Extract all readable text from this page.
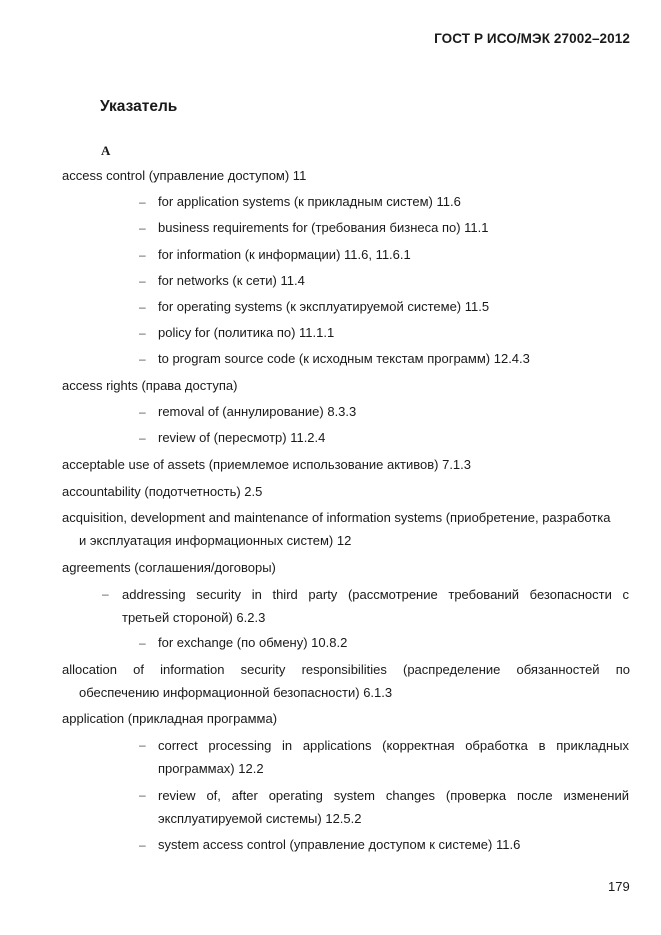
ГОСТ Р ИСО/МЭК 27002–2012
Указатель
A
access control (управление доступом) 11
– for application systems (к прикладным систем) 11.6
– business requirements for (требования бизнеса по) 11.1
– for information (к информации) 11.6, 11.6.1
– for networks (к сети) 11.4
– for operating systems (к эксплуатируемой системе) 11.5
– policy for (политика по) 11.1.1
– to program source code (к исходным текстам программ) 12.4.3
access rights (права доступа)
– removal of (аннулирование) 8.3.3
– review of (пересмотр) 11.2.4
acceptable use of assets (приемлемое использование активов) 7.1.3
accountability (подотчетность) 2.5
acquisition, development and maintenance of information systems (приобретение, разработка
и эксплуатация информационных систем) 12
agreements (соглашения/договоры)
– addressing security in third party (рассмотрение требований безопасности с
третьей стороной) 6.2.3
– for exchange (по обмену) 10.8.2
allocation of information security responsibilities (распределение обязанностей по
обеспечению информационной безопасности) 6.1.3
application (прикладная программа)
– correct processing in applications (корректная обработка в прикладных
программах) 12.2
– review of, after operating system changes (проверка после изменений
эксплуатируемой системы) 12.5.2
– system access control (управление доступом к системе) 11.6
179
